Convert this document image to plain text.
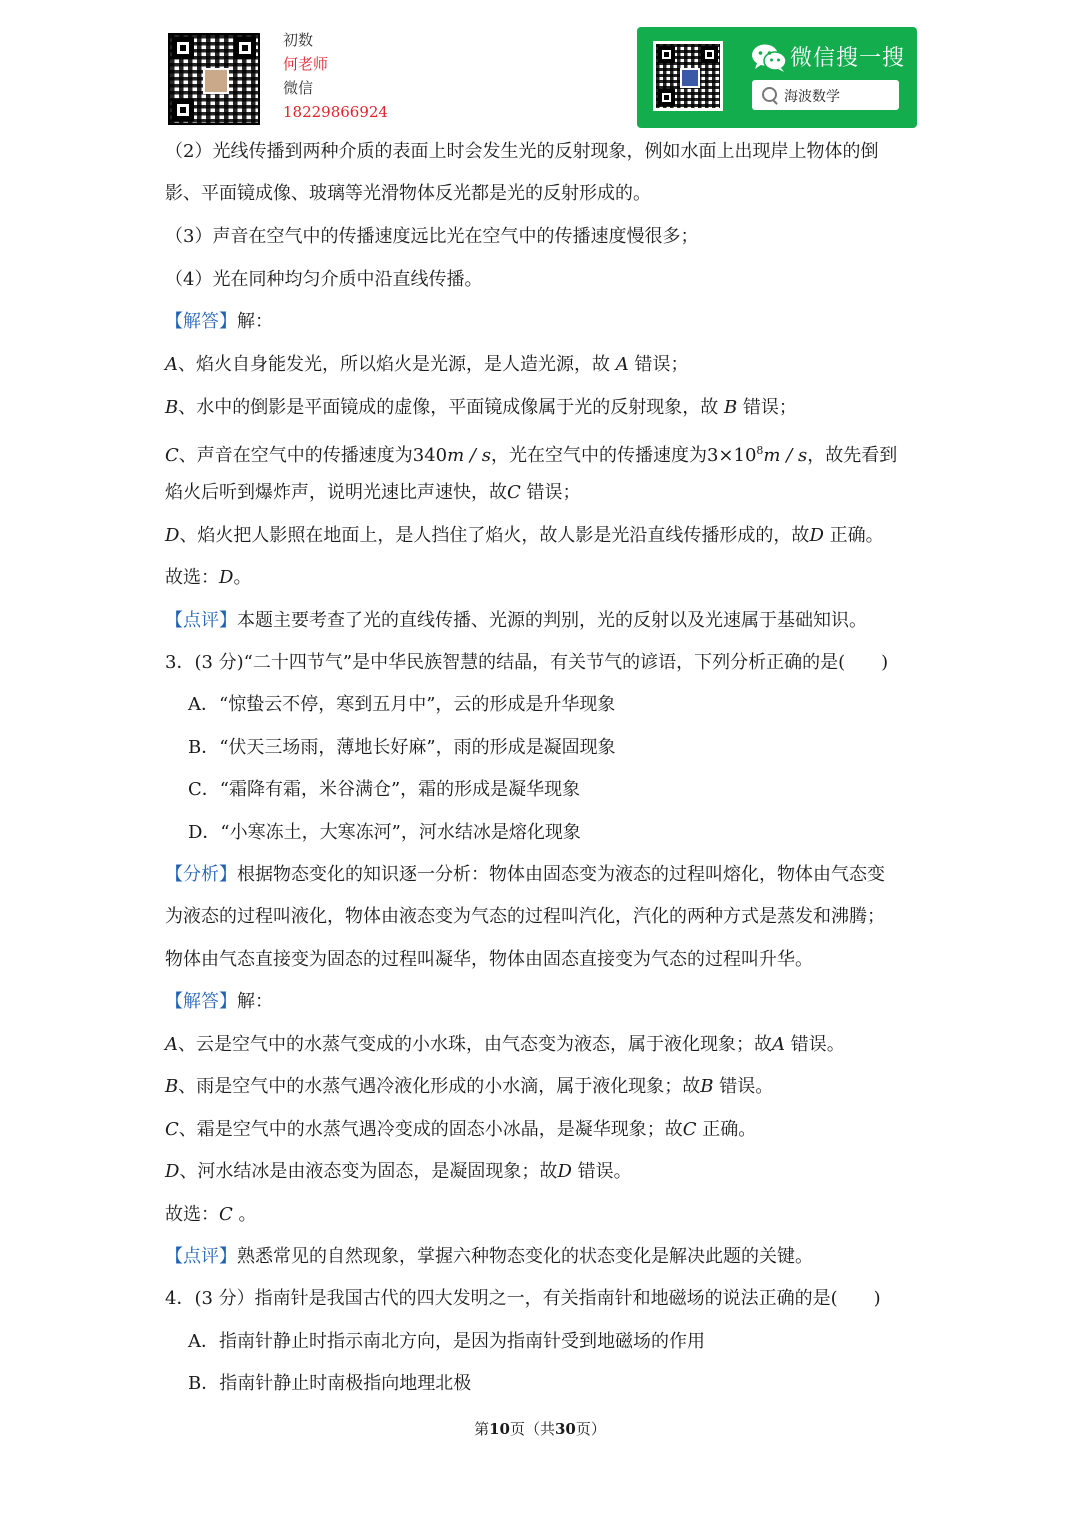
初数
何老师
微信
18229866924
微信搜一搜
海波数学
（2）光线传播到两种介质的表面上时会发生光的反射现象，例如水面上出现岸上物体的倒
影、平面镜成像、玻璃等光滑物体反光都是光的反射形成的。
（3）声音在空气中的传播速度远比光在空气中的传播速度慢很多；
（4）光在同种均匀介质中沿直线传播。
【解答】解：
A、焰火自身能发光，所以焰火是光源，是人造光源，故 A 错误；
B、水中的倒影是平面镜成的虚像，平面镜成像属于光的反射现象，故 B 错误；
C、声音在空气中的传播速度为340m / s，光在空气中的传播速度为$3\times 10^8m / s$，故先看到
焰火后听到爆炸声，说明光速比声速快，故C 错误；
D、焰火把人影照在地面上，是人挡住了焰火，故人影是光沿直线传播形成的，故D 正确。
故选：D。
【点评】本题主要考查了光的直线传播、光源的判别，光的反射以及光速属于基础知识。
3．(3 分)“二十四节气”是中华民族智慧的结晶，有关节气的谚语，下列分析正确的是(　　)
A．“惊蛰云不停，寒到五月中”，云的形成是升华现象
B．“伏天三场雨，薄地长好麻”，雨的形成是凝固现象
C．“霜降有霜，米谷满仓”，霜的形成是凝华现象
D．“小寒冻土，大寒冻河”，河水结冰是熔化现象
【分析】根据物态变化的知识逐一分析：物体由固态变为液态的过程叫熔化，物体由气态变
为液态的过程叫液化，物体由液态变为气态的过程叫汽化，汽化的两种方式是蒸发和沸腾；
物体由气态直接变为固态的过程叫凝华，物体由固态直接变为气态的过程叫升华。
【解答】解：
A、云是空气中的水蒸气变成的小水珠，由气态变为液态，属于液化现象；故A 错误。
B、雨是空气中的水蒸气遇冷液化形成的小水滴，属于液化现象；故B 错误。
C、霜是空气中的水蒸气遇冷变成的固态小冰晶，是凝华现象；故C 正确。
D、河水结冰是由液态变为固态，是凝固现象；故D 错误。
故选：C 。
【点评】熟悉常见的自然现象，掌握六种物态变化的状态变化是解决此题的关键。
4．(3 分）指南针是我国古代的四大发明之一，有关指南针和地磁场的说法正确的是(　　)
A．指南针静止时指示南北方向，是因为指南针受到地磁场的作用
B．指南针静止时南极指向地理北极
第10页（共30页）
